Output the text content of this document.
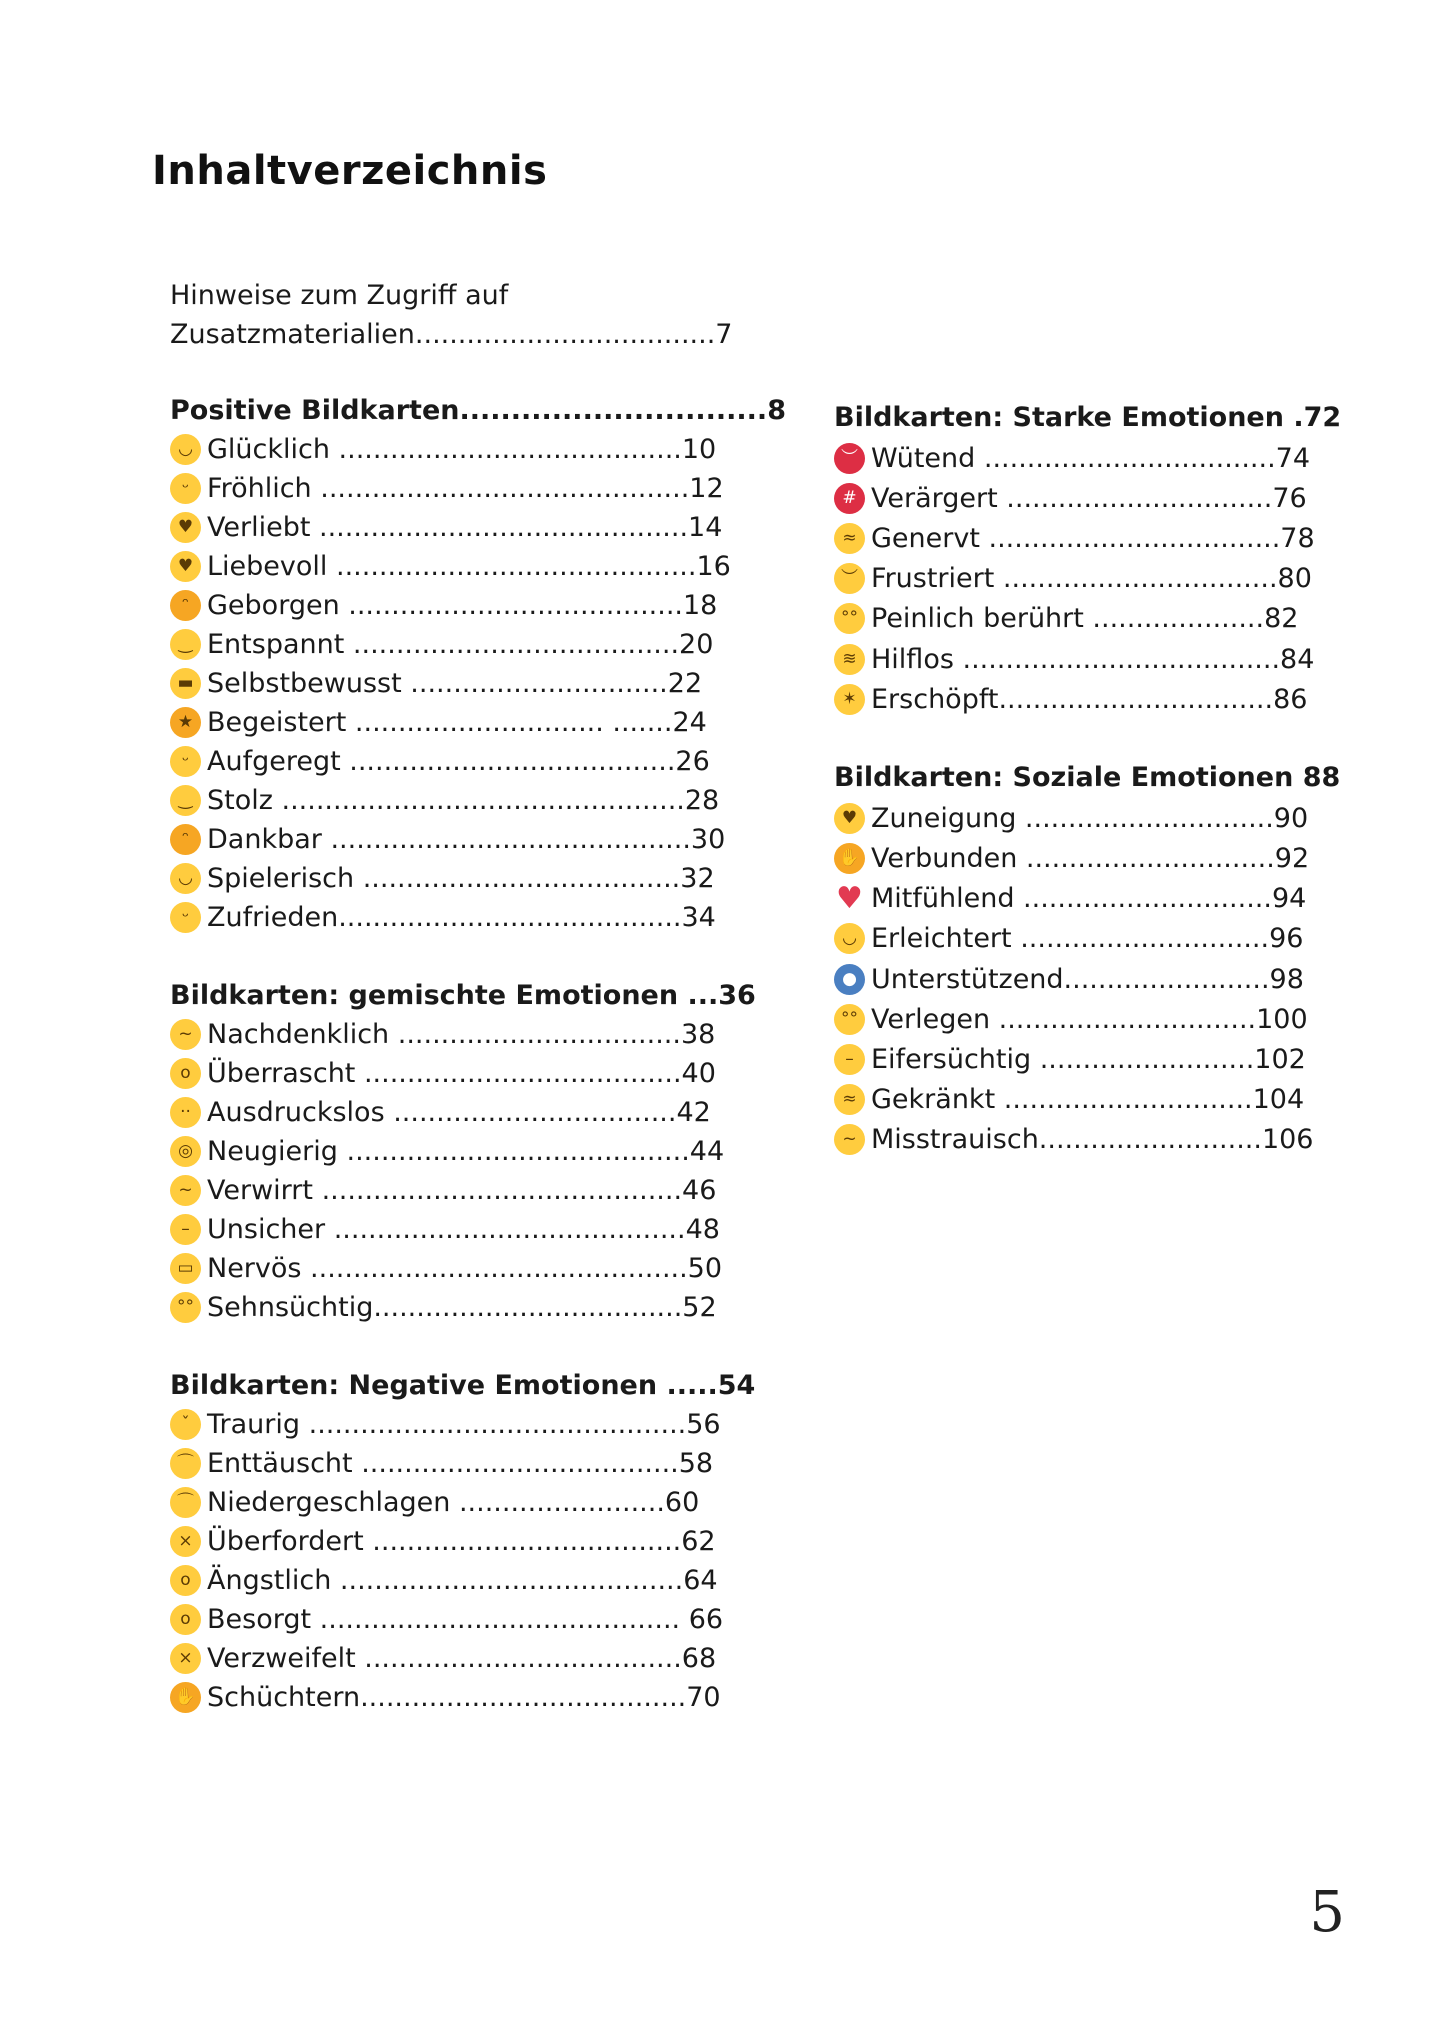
Inhaltverzeichnis
Hinweise zum Zugriff auf
Zusatzmaterialien...................................7
Positive Bildkarten..............................8
◡ Glücklich ........................................10
ᵕ Fröhlich ...........................................12
♥ Verliebt ...........................................14
♥ Liebevoll ..........................................16
ᵔ Geborgen .......................................18
‿ Entspannt ......................................20
▬ Selbstbewusst ..............................22
★ Begeistert ............................. .......24
ᵕ Aufgeregt ......................................26
‿ Stolz ...............................................28
ᵔ Dankbar ..........................................30
◡ Spielerisch .....................................32
ᵕ Zufrieden........................................34
Bildkarten: gemischte Emotionen ...36
~ Nachdenklich .................................38
o Überrascht .....................................40
·· Ausdruckslos .................................42
◎ Neugierig ........................................44
~ Verwirrt ..........................................46
– Unsicher .........................................48
▭ Nervös ............................................50
°° Sehnsüchtig....................................52
Bildkarten: Negative Emotionen .....54
ˇ Traurig ............................................56
⌒ Enttäuscht .....................................58
⌒ Niedergeschlagen ........................60
× Überfordert ....................................62
o Ängstlich ........................................64
o Besorgt .......................................... 66
× Verzweifelt .....................................68
✋ Schüchtern......................................70
Bildkarten: Starke Emotionen .72
︶ Wütend ..................................74
# Verärgert ...............................76
≈ Genervt ..................................78
︶ Frustriert ................................80
°° Peinlich berührt ....................82
≋ Hilflos .....................................84
✶ Erschöpft................................86
Bildkarten: Soziale Emotionen 88
♥ Zuneigung .............................90
✋ Verbunden .............................92
♥ Mitfühlend .............................94
◡ Erleichtert .............................96
● Unterstützend........................98
°° Verlegen ..............................100
– Eifersüchtig .........................102
≈ Gekränkt .............................104
~ Misstrauisch..........................106
5
